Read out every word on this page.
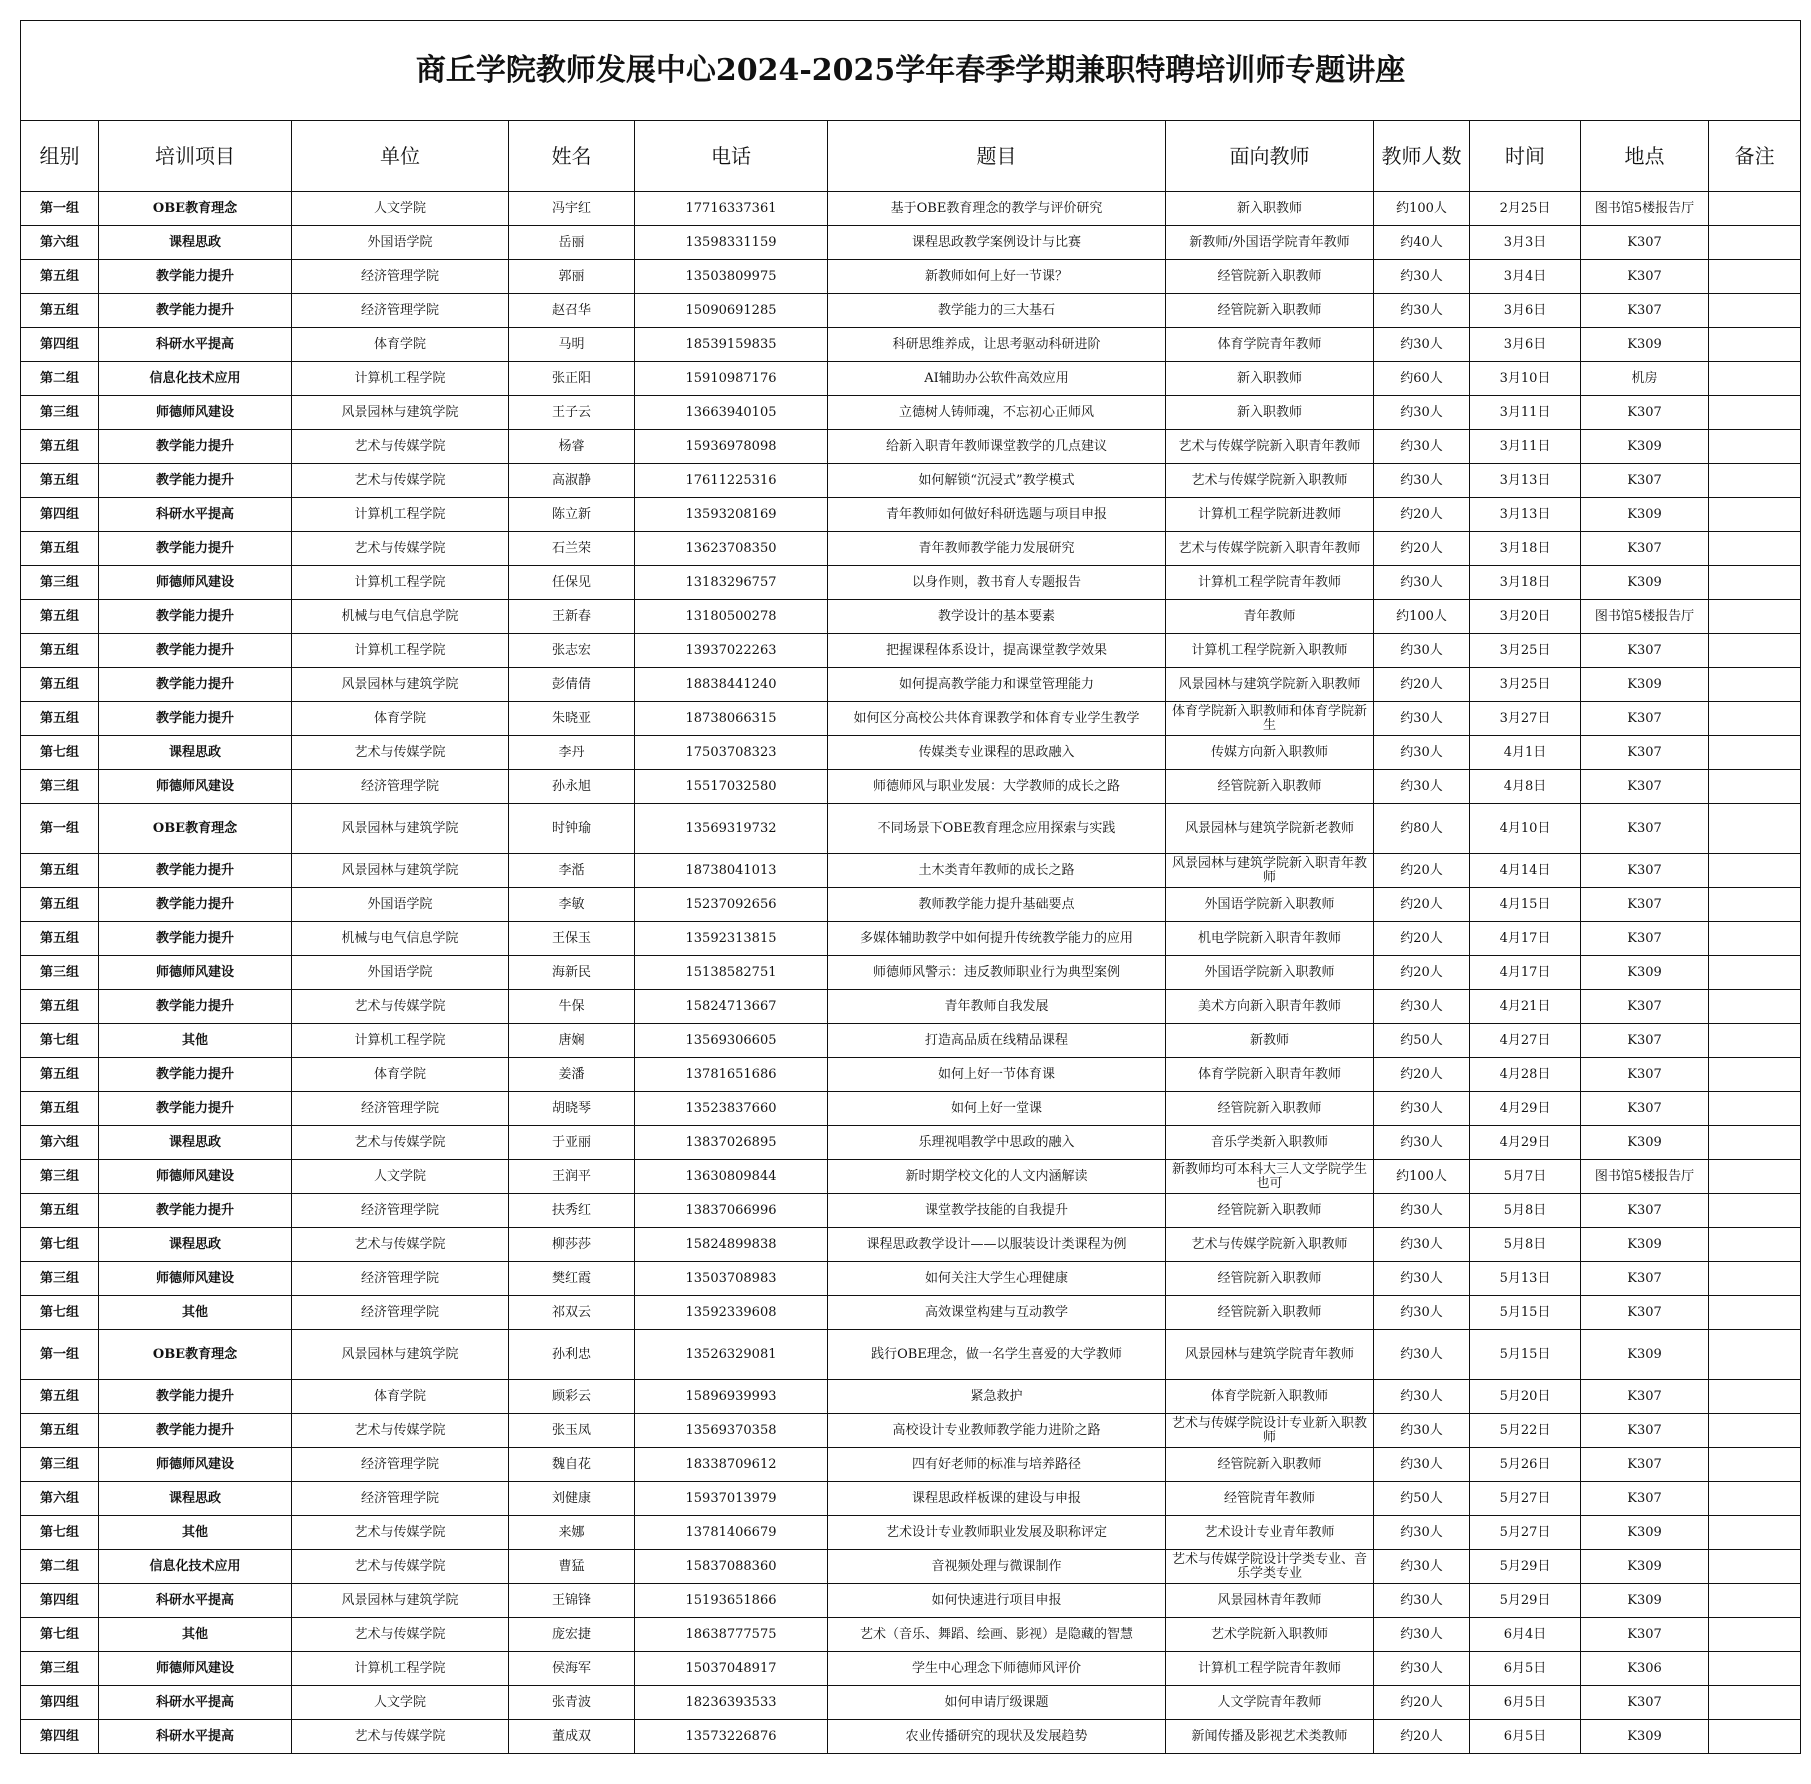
商丘学院教师发展中心2024-2025学年春季学期兼职特聘培训师专题讲座										
组别	培训项目	单位	姓名	电话	题目	面向教师	教师人数	时间	地点	备注
第一组	OBE教育理念	人文学院	冯宇红	17716337361	基于OBE教育理念的教学与评价研究	新入职教师	约100人	2月25日	图书馆5楼报告厅	
第六组	课程思政	外国语学院	岳丽	13598331159	课程思政教学案例设计与比赛	新教师/外国语学院青年教师	约40人	3月3日	K307	
第五组	教学能力提升	经济管理学院	郭丽	13503809975	新教师如何上好一节课？	经管院新入职教师	约30人	3月4日	K307	
第五组	教学能力提升	经济管理学院	赵召华	15090691285	教学能力的三大基石	经管院新入职教师	约30人	3月6日	K307	
第四组	科研水平提高	体育学院	马明	18539159835	科研思维养成，让思考驱动科研进阶	体育学院青年教师	约30人	3月6日	K309	
第二组	信息化技术应用	计算机工程学院	张正阳	15910987176	AI辅助办公软件高效应用	新入职教师	约60人	3月10日	机房	
第三组	师德师风建设	风景园林与建筑学院	王子云	13663940105	立德树人铸师魂，不忘初心正师风	新入职教师	约30人	3月11日	K307	
第五组	教学能力提升	艺术与传媒学院	杨睿	15936978098	给新入职青年教师课堂教学的几点建议	艺术与传媒学院新入职青年教师	约30人	3月11日	K309	
第五组	教学能力提升	艺术与传媒学院	高淑静	17611225316	如何解锁“沉浸式”教学模式	艺术与传媒学院新入职教师	约30人	3月13日	K307	
第四组	科研水平提高	计算机工程学院	陈立新	13593208169	青年教师如何做好科研选题与项目申报	计算机工程学院新进教师	约20人	3月13日	K309	
第五组	教学能力提升	艺术与传媒学院	石兰荣	13623708350	青年教师教学能力发展研究	艺术与传媒学院新入职青年教师	约20人	3月18日	K307	
第三组	师德师风建设	计算机工程学院	任保见	13183296757	以身作则，教书育人专题报告	计算机工程学院青年教师	约30人	3月18日	K309	
第五组	教学能力提升	机械与电气信息学院	王新春	13180500278	教学设计的基本要素	青年教师	约100人	3月20日	图书馆5楼报告厅	
第五组	教学能力提升	计算机工程学院	张志宏	13937022263	把握课程体系设计，提高课堂教学效果	计算机工程学院新入职教师	约30人	3月25日	K307	
第五组	教学能力提升	风景园林与建筑学院	彭倩倩	18838441240	如何提高教学能力和课堂管理能力	风景园林与建筑学院新入职教师	约20人	3月25日	K309	
第五组	教学能力提升	体育学院	朱晓亚	18738066315	如何区分高校公共体育课教学和体育专业学生教学	体育学院新入职教师和体育学院新生	约30人	3月27日	K307	
第七组	课程思政	艺术与传媒学院	李丹	17503708323	传媒类专业课程的思政融入	传媒方向新入职教师	约30人	4月1日	K307	
第三组	师德师风建设	经济管理学院	孙永旭	15517032580	师德师风与职业发展：大学教师的成长之路	经管院新入职教师	约30人	4月8日	K307	
第一组	OBE教育理念	风景园林与建筑学院	时钟瑜	13569319732	不同场景下OBE教育理念应用探索与实践	风景园林与建筑学院新老教师	约80人	4月10日	K307	
第五组	教学能力提升	风景园林与建筑学院	李湉	18738041013	土木类青年教师的成长之路	风景园林与建筑学院新入职青年教师	约20人	4月14日	K307	
第五组	教学能力提升	外国语学院	李敏	15237092656	教师教学能力提升基础要点	外国语学院新入职教师	约20人	4月15日	K307	
第五组	教学能力提升	机械与电气信息学院	王保玉	13592313815	多媒体辅助教学中如何提升传统教学能力的应用	机电学院新入职青年教师	约20人	4月17日	K307	
第三组	师德师风建设	外国语学院	海新民	15138582751	师德师风警示：违反教师职业行为典型案例	外国语学院新入职教师	约20人	4月17日	K309	
第五组	教学能力提升	艺术与传媒学院	牛保	15824713667	青年教师自我发展	美术方向新入职青年教师	约30人	4月21日	K307	
第七组	其他	计算机工程学院	唐娴	13569306605	打造高品质在线精品课程	新教师	约50人	4月27日	K307	
第五组	教学能力提升	体育学院	姜潘	13781651686	如何上好一节体育课	体育学院新入职青年教师	约20人	4月28日	K307	
第五组	教学能力提升	经济管理学院	胡晓琴	13523837660	如何上好一堂课	经管院新入职教师	约30人	4月29日	K307	
第六组	课程思政	艺术与传媒学院	于亚丽	13837026895	乐理视唱教学中思政的融入	音乐学类新入职教师	约30人	4月29日	K309	
第三组	师德师风建设	人文学院	王润平	13630809844	新时期学校文化的人文内涵解读	新教师均可本科大三人文学院学生也可	约100人	5月7日	图书馆5楼报告厅	
第五组	教学能力提升	经济管理学院	扶秀红	13837066996	课堂教学技能的自我提升	经管院新入职教师	约30人	5月8日	K307	
第七组	课程思政	艺术与传媒学院	柳莎莎	15824899838	课程思政教学设计——以服装设计类课程为例	艺术与传媒学院新入职教师	约30人	5月8日	K309	
第三组	师德师风建设	经济管理学院	樊红霞	13503708983	如何关注大学生心理健康	经管院新入职教师	约30人	5月13日	K307	
第七组	其他	经济管理学院	祁双云	13592339608	高效课堂构建与互动教学	经管院新入职教师	约30人	5月15日	K307	
第一组	OBE教育理念	风景园林与建筑学院	孙利忠	13526329081	践行OBE理念，做一名学生喜爱的大学教师	风景园林与建筑学院青年教师	约30人	5月15日	K309	
第五组	教学能力提升	体育学院	顾彩云	15896939993	紧急救护	体育学院新入职教师	约30人	5月20日	K307	
第五组	教学能力提升	艺术与传媒学院	张玉凤	13569370358	高校设计专业教师教学能力进阶之路	艺术与传媒学院设计专业新入职教师	约30人	5月22日	K307	
第三组	师德师风建设	经济管理学院	魏自花	18338709612	四有好老师的标准与培养路径	经管院新入职教师	约30人	5月26日	K307	
第六组	课程思政	经济管理学院	刘健康	15937013979	课程思政样板课的建设与申报	经管院青年教师	约50人	5月27日	K307	
第七组	其他	艺术与传媒学院	来娜	13781406679	艺术设计专业教师职业发展及职称评定	艺术设计专业青年教师	约30人	5月27日	K309	
第二组	信息化技术应用	艺术与传媒学院	曹猛	15837088360	音视频处理与微课制作	艺术与传媒学院设计学类专业、音乐学类专业	约30人	5月29日	K309	
第四组	科研水平提高	风景园林与建筑学院	王锦锋	15193651866	如何快速进行项目申报	风景园林青年教师	约30人	5月29日	K309	
第七组	其他	艺术与传媒学院	庞宏捷	18638777575	艺术（音乐、舞蹈、绘画、影视）是隐藏的智慧	艺术学院新入职教师	约30人	6月4日	K307	
第三组	师德师风建设	计算机工程学院	侯海军	15037048917	学生中心理念下师德师风评价	计算机工程学院青年教师	约30人	6月5日	K306	
第四组	科研水平提高	人文学院	张青波	18236393533	如何申请厅级课题	人文学院青年教师	约20人	6月5日	K307	
第四组	科研水平提高	艺术与传媒学院	董成双	13573226876	农业传播研究的现状及发展趋势	新闻传播及影视艺术类教师	约20人	6月5日	K309	
